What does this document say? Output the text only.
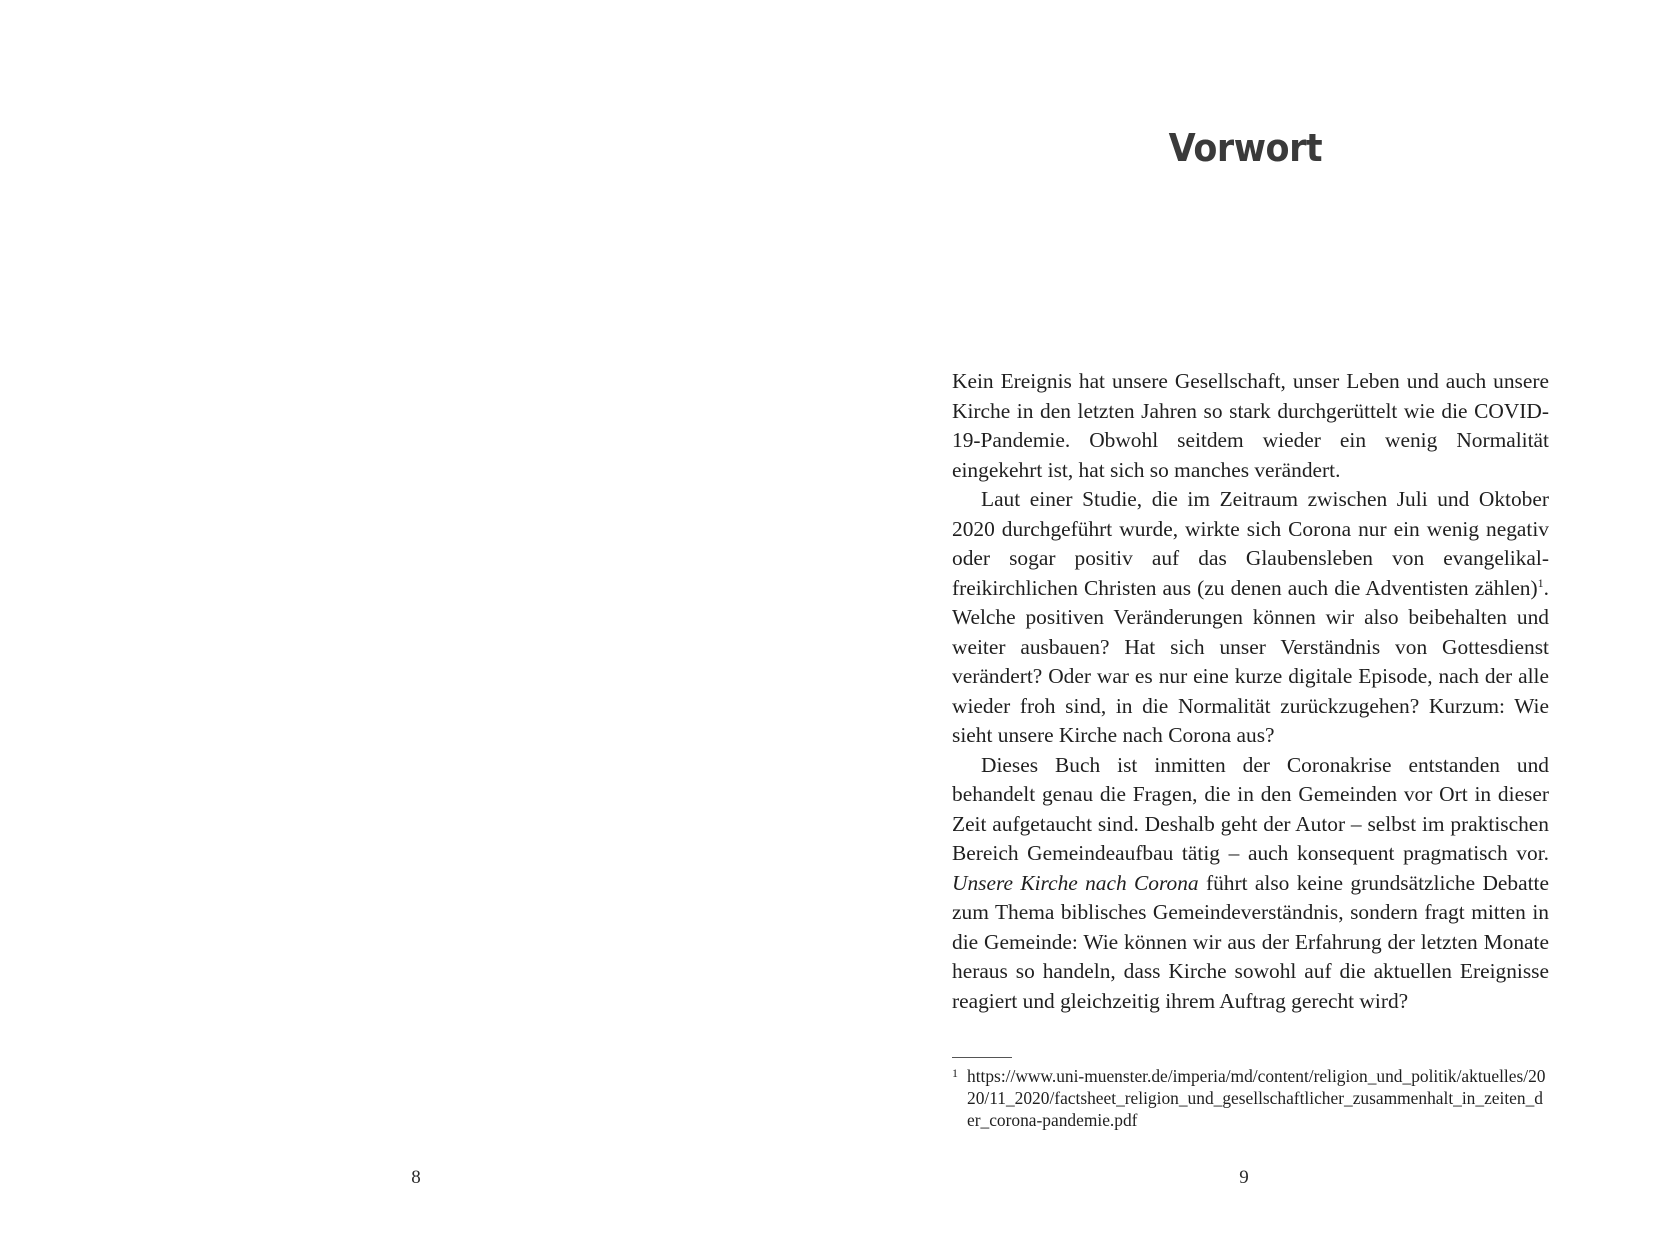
8
Vorwort

Kein Ereignis hat unsere Gesellschaft, unser Leben und auch unsere Kirche in den letzten Jahren so stark durchgerüttelt wie die COVID-19-Pandemie. Obwohl seitdem wieder ein wenig Normalität eingekehrt ist, hat sich so manches verändert.

Laut einer Studie, die im Zeitraum zwischen Juli und Oktober 2020 durchgeführt wurde, wirkte sich Corona nur ein wenig negativ oder sogar positiv auf das Glaubensleben von evangelikal-freikirchlichen Christen aus (zu denen auch die Adventisten zählen)$^1$. Welche positiven Veränderungen können wir also beibehalten und weiter ausbauen? Hat sich unser Verständnis von Gottesdienst verändert? Oder war es nur eine kurze digitale Episode, nach der alle wieder froh sind, in die Normalität zurückzugehen? Kurzum: Wie sieht unsere Kirche nach Corona aus?

Dieses Buch ist inmitten der Coronakrise entstanden und behandelt genau die Fragen, die in den Gemeinden vor Ort in dieser Zeit aufgetaucht sind. Deshalb geht der Autor – selbst im praktischen Bereich Gemeindeaufbau tätig – auch konsequent pragmatisch vor. Unsere Kirche nach Corona führt also keine grundsätzliche Debatte zum Thema biblisches Gemeindeverständnis, sondern fragt mitten in die Gemeinde: Wie können wir aus der Erfahrung der letzten Monate heraus so handeln, dass Kirche sowohl auf die aktuellen Ereignisse reagiert und gleichzeitig ihrem Auftrag gerecht wird?

1 https://www.uni-muenster.de/imperia/md/content/religion_und_politik/aktuelles/2020/11_2020/factsheet_religion_und_gesellschaftlicher_zusammenhalt_in_zeiten_der_corona-pandemie.pdf
9
